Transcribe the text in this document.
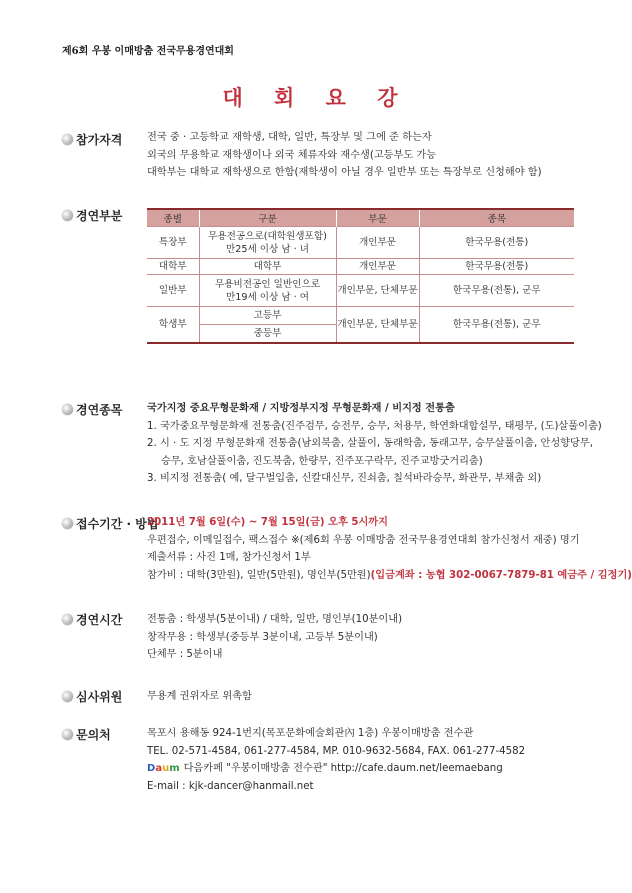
제6회 우봉 이매방춤 전국무용경연대회
대 회 요 강
참가자격 전국 중 · 고등학교 재학생, 대학, 일반, 특장부 및 그에 준 하는자
외국의 무용학교 재학생이나 외국 체류자와 재수생(고등부도 가능
대학부는 대학교 재학생으로 한함(재학생이 아닐 경우 일반부 또는 특장부로 신청해야 함)
경연부분	종별	구분	부문	종목
특장부	무용전공으로(대학원생포함)
만25세 이상 남 · 녀	개인부문	한국무용(전통)
대학부	대학부	개인부문	한국무용(전통)
일반부	무용비전공인 일반인으로
만19세 이상 남 · 여	개인부문, 단체부문	한국무용(전통), 군무
학생부	고등부	개인부문, 단체부문	한국무용(전통), 군무
	중등부		
경연종목 국가지정 중요무형문화재 / 지방정부지정 무형문화재 / 비지정 전통춤
1. 국가중요무형문화재 전통춤(진주검무, 승전무, 승무, 처용무, 학연화대합설무, 태평무, (도)살풀이춤)
2. 시 · 도 지정 무형문화재 전통춤(남외북춤, 살풀이, 동래학춤, 동래고무, 승무살풀이춤, 안성향당무,
승무, 호남살풀이춤, 진도북춤, 한량무, 진주포구락무, 진주교방굿거리춤)
3. 비지정 전통춤( 예, 달구벌입춤, 신칼대신무, 진쇠춤, 칠석바라승무, 화관무, 부채춤 외)
접수기간 · 방법
2011년 7월 6일(수) ~ 7월 15일(금) 오후 5시까지
우편접수, 이메일접수, 팩스접수 ※(제6회 우봉 이매방춤 전국무용경연대회 참가신청서 재중) 명기
제출서류 : 사진 1매, 참가신청서 1부
참가비 : 대학(3만원), 일반(5만원), 명인부(5만원)(입금계좌 : 농협 302-0067-7879-81 예금주 / 김정기)
경연시간 전통춤 : 학생부(5분이내) / 대학, 일반, 명인부(10분이내)
창작무용 : 학생부(중등부 3분이내, 고등부 5분이내)
단체무 : 5분이내
심사위원 무용계 권위자로 위촉함
문의처	목포시 용해동 924-1번지(목포문화예술회관內 1층) 우봉이매방춤 전수관
TEL. 02-571-4584, 061-277-4584, MP. 010-9632-5684, FAX. 061-277-4582
Daum 다음카페 "우봉이매방춤 전수관" http://cafe.daum.net/leemaebang
E-mail : kjk-dancer@hanmail.net
